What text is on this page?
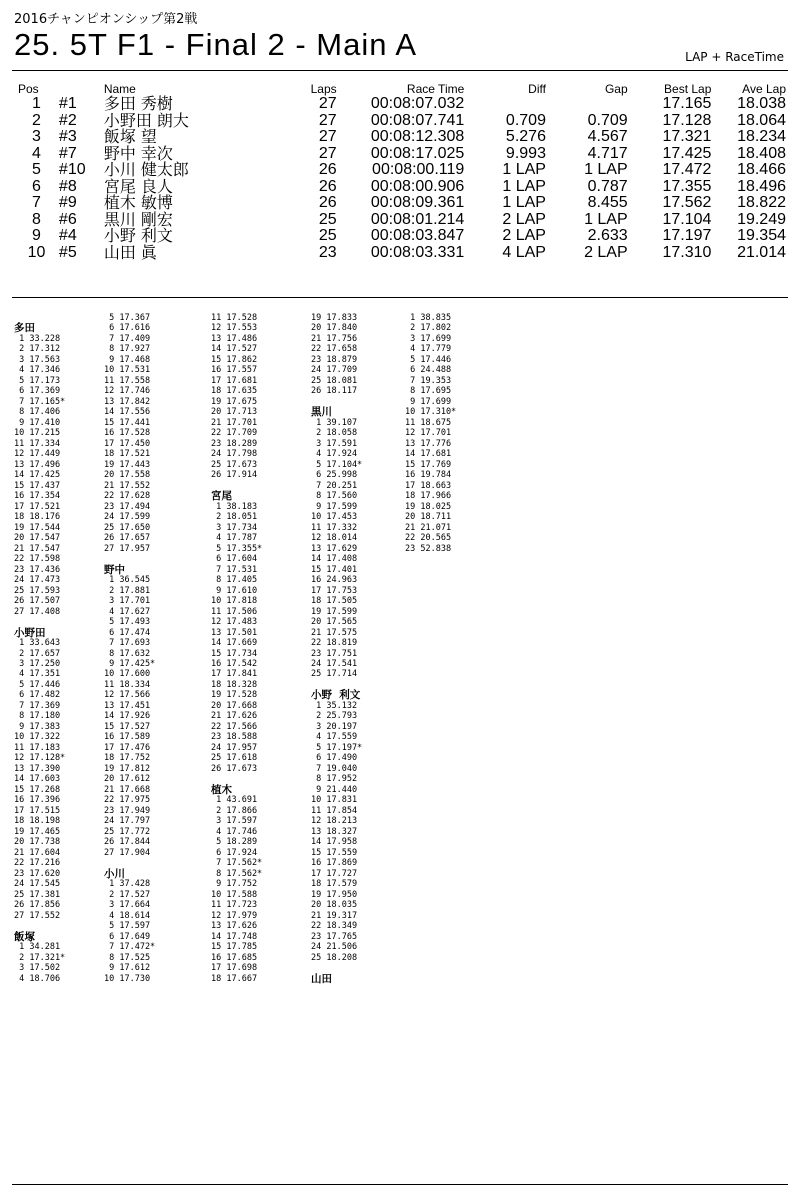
2016チャンピオンシップ第2戦
25. 5T F1 - Final 2 - Main A	LAP + RaceTime
Pos		Name	Laps	Race Time	Diff	Gap	Best Lap	Ave Lap
1	#1	多田 秀樹	27	00:08:07.032			17.165	18.038
2	#2	小野田 朗大	27	00:08:07.741	0.709	0.709	17.128	18.064
3	#3	飯塚 望	27	00:08:12.308	5.276	4.567	17.321	18.234
4	#7	野中 幸次	27	00:08:17.025	9.993	4.717	17.425	18.408
5	#10	小川 健太郎	26	00:08:00.119	1 LAP	1 LAP	17.472	18.466
6	#8	宮尾 良人	26	00:08:00.906	1 LAP	0.787	17.355	18.496
7	#9	植木 敏博	26	00:08:09.361	1 LAP	8.455	17.562	18.822
8	#6	黒川 剛宏	25	00:08:01.214	2 LAP	1 LAP	17.104	19.249
9	#4	小野 利文	25	00:08:03.847	2 LAP	2.633	17.197	19.354
10	#5	山田 眞	23	00:08:03.331	4 LAP	2 LAP	17.310	21.014

多田
1 33.228
2 17.312
3 17.563
4 17.346
5 17.173
6 17.369
7 17.165*
8 17.406
9 17.410
10 17.215
11 17.334
12 17.449
13 17.496
14 17.425
15 17.437
16 17.354
17 17.521
18 18.176
19 17.544
20 17.547
21 17.547
22 17.598
23 17.436
24 17.473
25 17.593
26 17.507
27 17.408

小野田
1 33.643
2 17.657
3 17.250
4 17.351
5 17.446
6 17.482
7 17.369
8 17.180
9 17.383
10 17.322
11 17.183
12 17.128*
13 17.390
14 17.603
15 17.268
16 17.396
17 17.515
18 18.198
19 17.465
20 17.738
21 17.604
22 17.216
23 17.620
24 17.545
25 17.381
26 17.856
27 17.552

飯塚
1 34.281
2 17.321*
3 17.502
4 18.706
5 17.367
6 17.616
7 17.409
8 17.927
9 17.468
10 17.531
11 17.558
12 17.746
13 17.842
14 17.556
15 17.441
16 17.528
17 17.450
18 17.521
19 17.443
20 17.558
21 17.552
22 17.628
23 17.494
24 17.599
25 17.650
26 17.657
27 17.957

野中
1 36.545
2 17.881
3 17.701
4 17.627
5 17.493
6 17.474
7 17.693
8 17.632
9 17.425*
10 17.600
11 18.334
12 17.566
13 17.451
14 17.926
15 17.527
16 17.589
17 17.476
18 17.752
19 17.812
20 17.612
21 17.668
22 17.975
23 17.949
24 17.797
25 17.772
26 17.844
27 17.904

小川
1 37.428
2 17.527
3 17.664
4 18.614
5 17.597
6 17.649
7 17.472*
8 17.525
9 17.612
10 17.730
11 17.528
12 17.553
13 17.486
14 17.527
15 17.862
16 17.557
17 17.681
18 17.635
19 17.675
20 17.713
21 17.701
22 17.709
23 18.289
24 17.798
25 17.673
26 17.914

宮尾
1 38.183
2 18.051
3 17.734
4 17.787
5 17.355*
6 17.604
7 17.531
8 17.405
9 17.610
10 17.818
11 17.506
12 17.483
13 17.501
14 17.669
15 17.734
16 17.542
17 17.841
18 18.328
19 17.528
20 17.668
21 17.626
22 17.566
23 18.588
24 17.957
25 17.618
26 17.673

植木
1 43.691
2 17.866
3 17.597
4 17.746
5 18.289
6 17.924
7 17.562*
8 17.562*
9 17.752
10 17.588
11 17.723
12 17.979
13 17.626
14 17.748
15 17.785
16 17.685
17 17.698
18 17.667
19 17.833
20 17.840
21 17.756
22 17.658
23 18.879
24 17.709
25 18.081
26 18.117

黒川
1 39.107
2 18.058
3 17.591
4 17.924
5 17.104*
6 25.998
7 20.251
8 17.560
9 17.599
10 17.453
11 17.332
12 18.014
13 17.629
14 17.408
15 17.401
16 24.963
17 17.753
18 17.505
19 17.599
20 17.565
21 17.575
22 18.819
23 17.751
24 17.541
25 17.714

小野  利文
1 35.132
2 25.793
3 20.197
4 17.559
5 17.197*
6 17.490
7 19.040
8 17.952
9 21.440
10 17.831
11 17.854
12 18.213
13 18.327
14 17.958
15 17.559
16 17.869
17 17.727
18 17.579
19 17.950
20 18.035
21 19.317
22 18.349
23 17.765
24 21.506
25 18.208

山田
1 38.835
2 17.802
3 17.699
4 17.779
5 17.446
6 24.488
7 19.353
8 17.695
9 17.699
10 17.310*
11 18.675
12 17.701
13 17.776
14 17.681
15 17.769
16 19.784
17 18.663
18 17.966
19 18.025
20 18.711
21 21.071
22 20.565
23 52.838
